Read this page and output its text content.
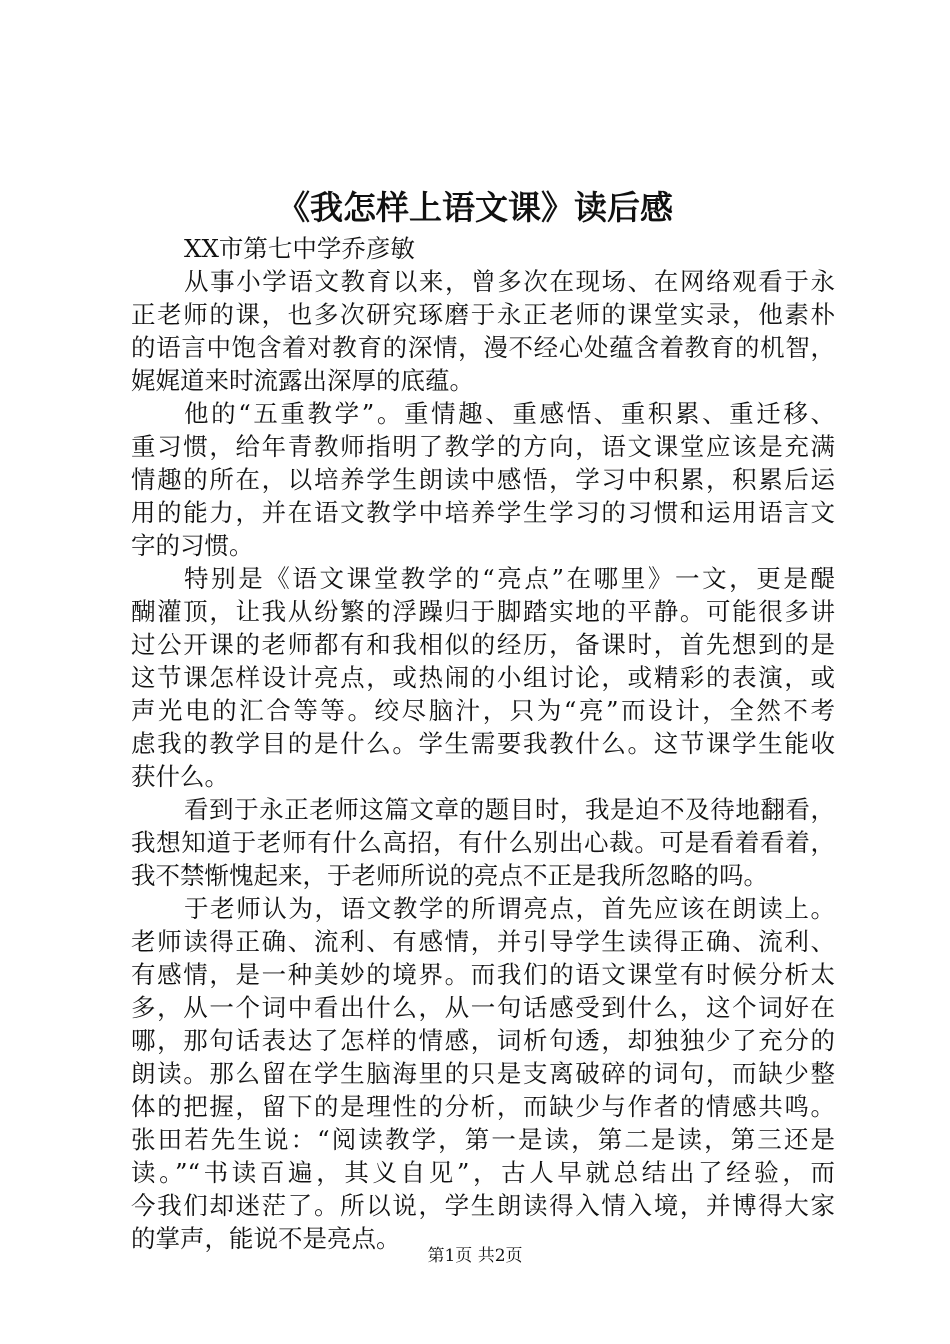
《我怎样上语文课》读后感
XX市第七中学乔彦敏
从事小学语文教育以来，曾多次在现场、在网络观看于永
正老师的课，也多次研究琢磨于永正老师的课堂实录，他素朴
的语言中饱含着对教育的深情，漫不经心处蕴含着教育的机智，
娓娓道来时流露出深厚的底蕴。
他的“五重教学”。重情趣、重感悟、重积累、重迁移、
重习惯，给年青教师指明了教学的方向，语文课堂应该是充满
情趣的所在，以培养学生朗读中感悟，学习中积累，积累后运
用的能力，并在语文教学中培养学生学习的习惯和运用语言文
字的习惯。
特别是《语文课堂教学的“亮点”在哪里》一文，更是醍
醐灌顶，让我从纷繁的浮躁归于脚踏实地的平静。可能很多讲
过公开课的老师都有和我相似的经历，备课时，首先想到的是
这节课怎样设计亮点，或热闹的小组讨论，或精彩的表演，或
声光电的汇合等等。绞尽脑汁，只为“亮”而设计，全然不考
虑我的教学目的是什么。学生需要我教什么。这节课学生能收
获什么。
看到于永正老师这篇文章的题目时，我是迫不及待地翻看，
我想知道于老师有什么高招，有什么别出心裁。可是看着看着，
我不禁惭愧起来，于老师所说的亮点不正是我所忽略的吗。
于老师认为，语文教学的所谓亮点，首先应该在朗读上。
老师读得正确、流利、有感情，并引导学生读得正确、流利、
有感情，是一种美妙的境界。而我们的语文课堂有时候分析太
多，从一个词中看出什么，从一句话感受到什么，这个词好在
哪，那句话表达了怎样的情感，词析句透，却独独少了充分的
朗读。那么留在学生脑海里的只是支离破碎的词句，而缺少整
体的把握，留下的是理性的分析，而缺少与作者的情感共鸣。
张田若先生说：“阅读教学，第一是读，第二是读，第三还是
读。”“书读百遍，其义自见”，古人早就总结出了经验，而
今我们却迷茫了。所以说，学生朗读得入情入境，并博得大家
的掌声，能说不是亮点。
第1页 共2页
